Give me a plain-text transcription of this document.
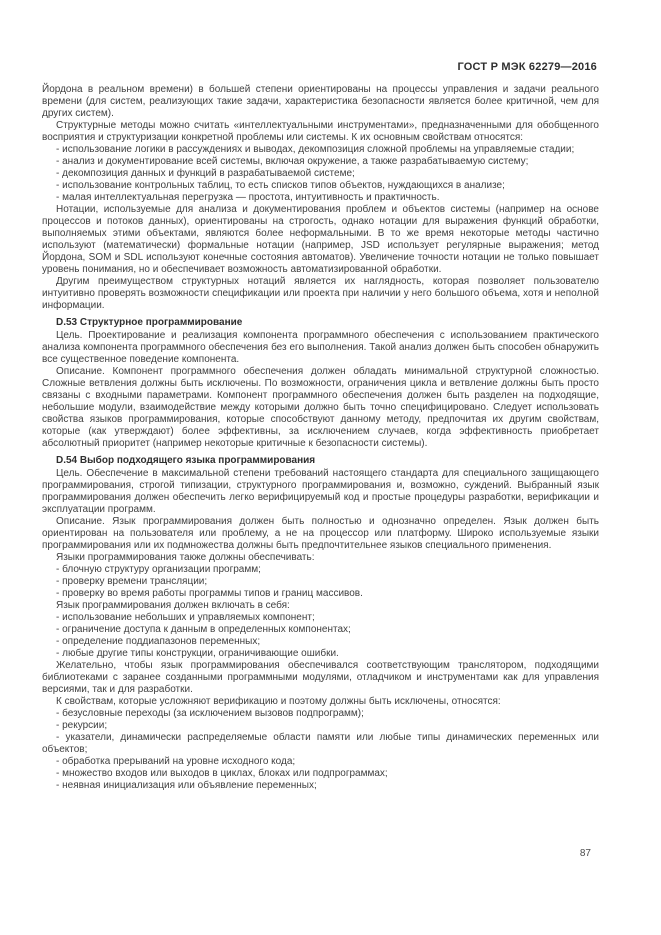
ГОСТ Р МЭК 62279—2016

Йордона в реальном времени) в большей степени ориентированы на процессы управления и задачи реального времени (для систем, реализующих такие задачи, характеристика безопасности является более критичной, чем для других систем).

Структурные методы можно считать «интеллектуальными инструментами», предназначенными для обобщенного восприятия и структуризации конкретной проблемы или системы. К их основным свойствам относятся:

- использование логики в рассуждениях и выводах, декомпозиция сложной проблемы на управляемые стадии;

- анализ и документирование всей системы, включая окружение, а также разрабатываемую систему;

- декомпозиция данных и функций в разрабатываемой системе;

- использование контрольных таблиц, то есть списков типов объектов, нуждающихся в анализе;

- малая интеллектуальная перегрузка — простота, интуитивность и практичность.

Нотации, используемые для анализа и документирования проблем и объектов системы (например на основе процессов и потоков данных), ориентированы на строгость, однако нотации для выражения функций обработки, выполняемых этими объектами, являются более неформальными. В то же время некоторые методы частично используют (математически) формальные нотации (например, JSD использует регулярные выражения; метод Йордона, SOM и SDL используют конечные состояния автоматов). Увеличение точности нотации не только повышает уровень понимания, но и обеспечивает возможность автоматизированной обработки.

Другим преимуществом структурных нотаций является их наглядность, которая позволяет пользователю интуитивно проверять возможности спецификации или проекта при наличии у него большого объема, хотя и неполной информации.

D.53 Структурное программирование

Цель. Проектирование и реализация компонента программного обеспечения с использованием практического анализа компонента программного обеспечения без его выполнения. Такой анализ должен быть способен обнаружить все существенное поведение компонента.

Описание. Компонент программного обеспечения должен обладать минимальной структурной сложностью. Сложные ветвления должны быть исключены. По возможности, ограничения цикла и ветвление должны быть просто связаны с входными параметрами. Компонент программного обеспечения должен быть разделен на подходящие, небольшие модули, взаимодействие между которыми должно быть точно специфицировано. Следует использовать свойства языков программирования, которые способствуют данному методу, предпочитая их другим свойствам, которые (как утверждают) более эффективны, за исключением случаев, когда эффективность приобретает абсолютный приоритет (например некоторые критичные к безопасности системы).

D.54 Выбор подходящего языка программирования

Цель. Обеспечение в максимальной степени требований настоящего стандарта для специального защищающего программирования, строгой типизации, структурного программирования и, возможно, суждений. Выбранный язык программирования должен обеспечить легко верифицируемый код и простые процедуры разработки, верификации и эксплуатации программ.

Описание. Язык программирования должен быть полностью и однозначно определен. Язык должен быть ориентирован на пользователя или проблему, а не на процессор или платформу. Широко используемые языки программирования или их подмножества должны быть предпочтительнее языков специального применения.

Языки программирования также должны обеспечивать:

- блочную структуру организации программ;

- проверку времени трансляции;

- проверку во время работы программы типов и границ массивов.

Язык программирования должен включать в себя:

- использование небольших и управляемых компонент;

- ограничение доступа к данным в определенных компонентах;

- определение поддиапазонов переменных;

- любые другие типы конструкции, ограничивающие ошибки.

Желательно, чтобы язык программирования обеспечивался соответствующим транслятором, подходящими библиотеками с заранее созданными программными модулями, отладчиком и инструментами как для управления версиями, так и для разработки.

К свойствам, которые усложняют верификацию и поэтому должны быть исключены, относятся:

- безусловные переходы (за исключением вызовов подпрограмм);

- рекурсии;

- указатели, динамически распределяемые области памяти или любые типы динамических переменных или объектов;

- обработка прерываний на уровне исходного кода;

- множество входов или выходов в циклах, блоках или подпрограммах;

- неявная инициализация или объявление переменных;

87
